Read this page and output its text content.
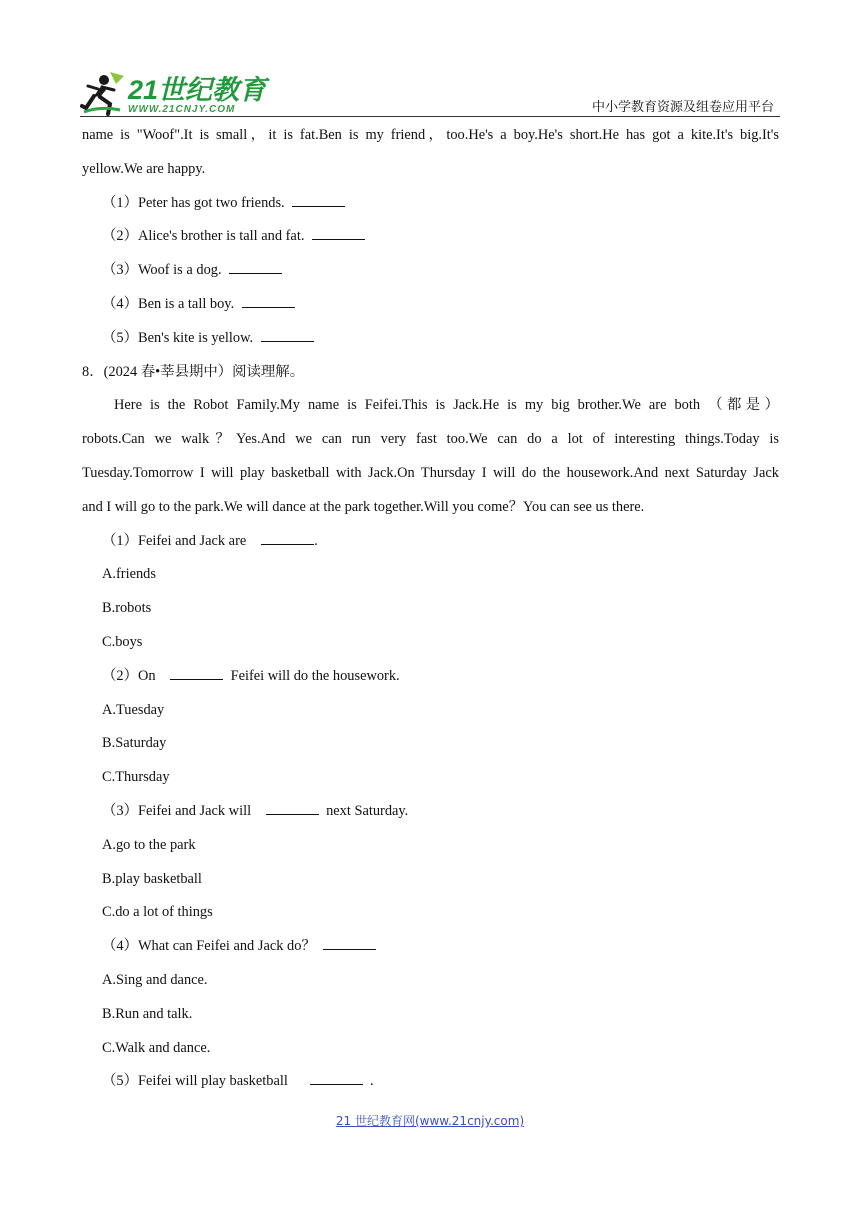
21世纪教育
WWW.21CNJY.COM	中小学教育资源及组卷应用平台
name is "Woof".It is small，it is fat.Ben is my friend，too.He's a boy.He's short.He has got a kite.It's big.It's
yellow.We are happy.
（1）Peter has got two friends.
（2）Alice's brother is tall and fat.
（3）Woof is a dog.
（4）Ben is a tall boy.
（5）Ben's kite is yellow.
8．(2024 春•莘县期中）阅读理解。
Here is the Robot Family.My name is Feifei.This is Jack.He is my big brother.We are both （都是）
robots.Can we walk？Yes.And we can run very fast too.We can do a lot of interesting things.Today is
Tuesday.Tomorrow I will play basketball with Jack.On Thursday I will do the housework.And next Saturday Jack
and I will go to the park.We will dance at the park together.Will you come？You can see us there.
（1）Feifei and Jack are	.
A.friends
B.robots
C.boys
（2）On	Feifei will do the housework.
A.Tuesday
B.Saturday
C.Thursday
（3）Feifei and Jack will	next Saturday.
A.go to the park
B.play basketball
C.do a lot of things
（4）What can Feifei and Jack do？
A.Sing and dance.
B.Run and talk.
C.Walk and dance.
（5）Feifei will play basketball	.
21 世纪教育网(www.21cnjy.com)
